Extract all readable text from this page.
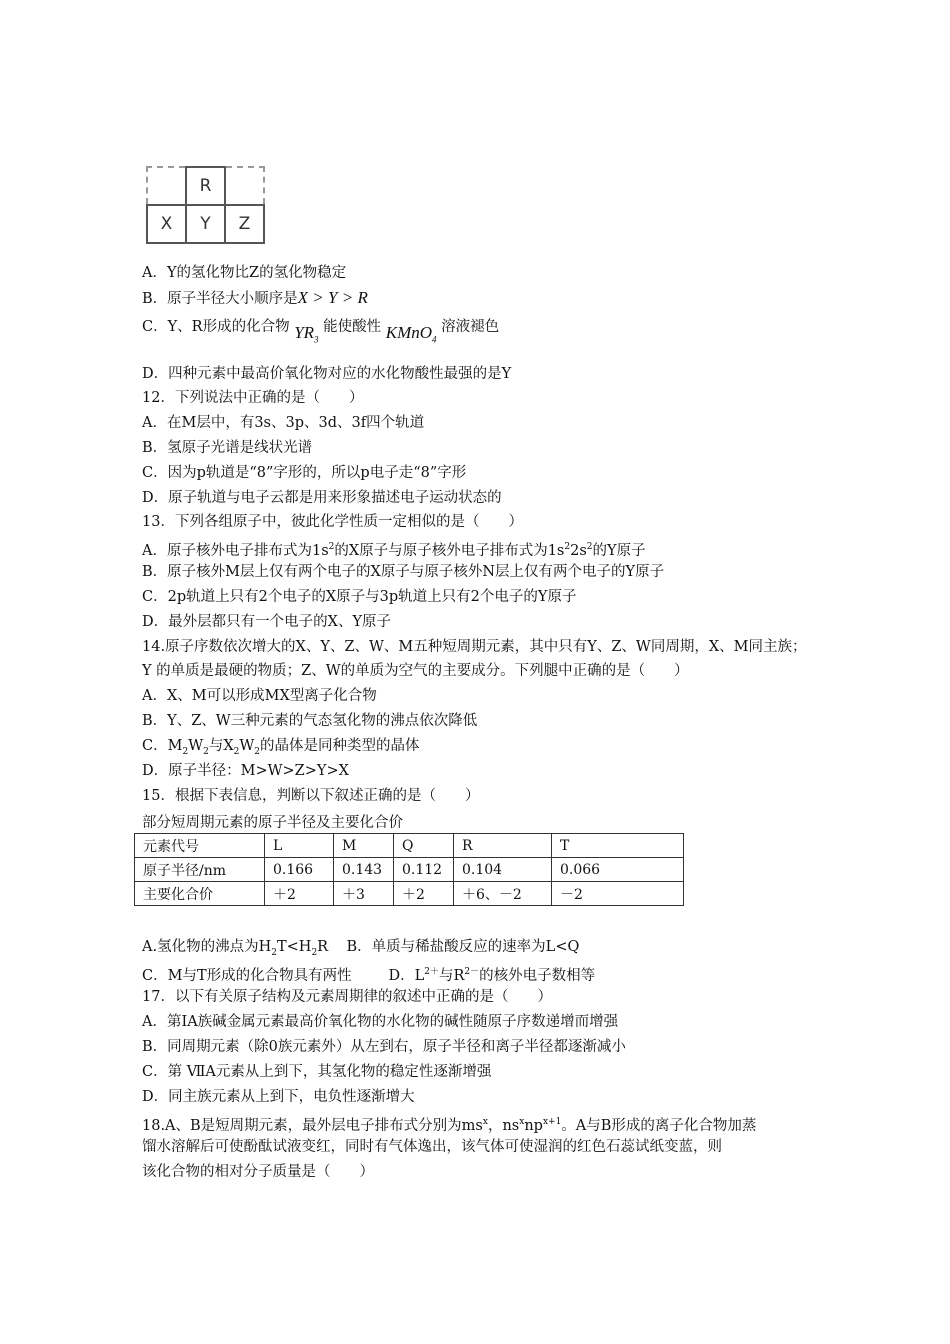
	R	
X	Y	Z
A．Y的氢化物比Z的氢化物稳定
B．原子半径大小顺序是X > Y > R
C．Y、R形成的化合物 $YR_3$ 能使酸性 KMnO$_4$ 溶液褪色
D．四种元素中最高价氧化物对应的水化物酸性最强的是Y
12．下列说法中正确的是（　　）
A．在M层中，有3s、3p、3d、3f四个轨道
B．氢原子光谱是线状光谱
C．因为p轨道是“8”字形的，所以p电子走“8”字形
D．原子轨道与电子云都是用来形象描述电子运动状态的
13．下列各组原子中，彼此化学性质一定相似的是（　　）
A．原子核外电子排布式为$1s^2$的X原子与原子核外电子排布式为$1s^22s^2$的Y原子
B．原子核外M层上仅有两个电子的X原子与原子核外N层上仅有两个电子的Y原子
C．2p轨道上只有2个电子的X原子与3p轨道上只有2个电子的Y原子
D．最外层都只有一个电子的X、Y原子
14.原子序数依次增大的X、Y、Z、W、M五种短周期元素，其中只有Y、Z、W同周期，X、M同主族；
Y 的单质是最硬的物质；Z、W的单质为空气的主要成分。下列腿中正确的是（　　）
A．X、M可以形成MX型离子化合物
B．Y、Z、W三种元素的气态氢化物的沸点依次降低
C．$M_2W_2$与$X_2W_2$的晶体是同种类型的晶体
D．原子半径：M>W>Z>Y>X
15．根据下表信息，判断以下叙述正确的是（　　）
部分短周期元素的原子半径及主要化合价
元素代号	L	M	Q	R	T
原子半径/nm	0.166	0.143	0.112	0.104	0.066
主要化合价	＋2	＋3	＋2	＋6、－2	－2
A.氢化物的沸点为$H_2T<H_2R$ B．单质与稀盐酸反应的速率为L<Q
C．M与T形成的化合物具有两性	D．$L^{2+}$与$R^{2-}$的核外电子数相等
17．以下有关原子结构及元素周期律的叙述中正确的是（　　）
A．第IA族碱金属元素最高价氧化物的水化物的碱性随原子序数递增而增强
B．同周期元素（除0族元素外）从左到右，原子半径和离子半径都逐渐减小
C．第 ⅦA元素从上到下，其氢化物的稳定性逐渐增强
D．同主族元素从上到下，电负性逐渐增大
18.A、B是短周期元素，最外层电子排布式分别为$ms^x$，$ns^xnp^{x+1}$。A与B形成的离子化合物加蒸
馏水溶解后可使酚酞试液变红，同时有气体逸出，该气体可使湿润的红色石蕊试纸变蓝，则
该化合物的相对分子质量是（　　）
